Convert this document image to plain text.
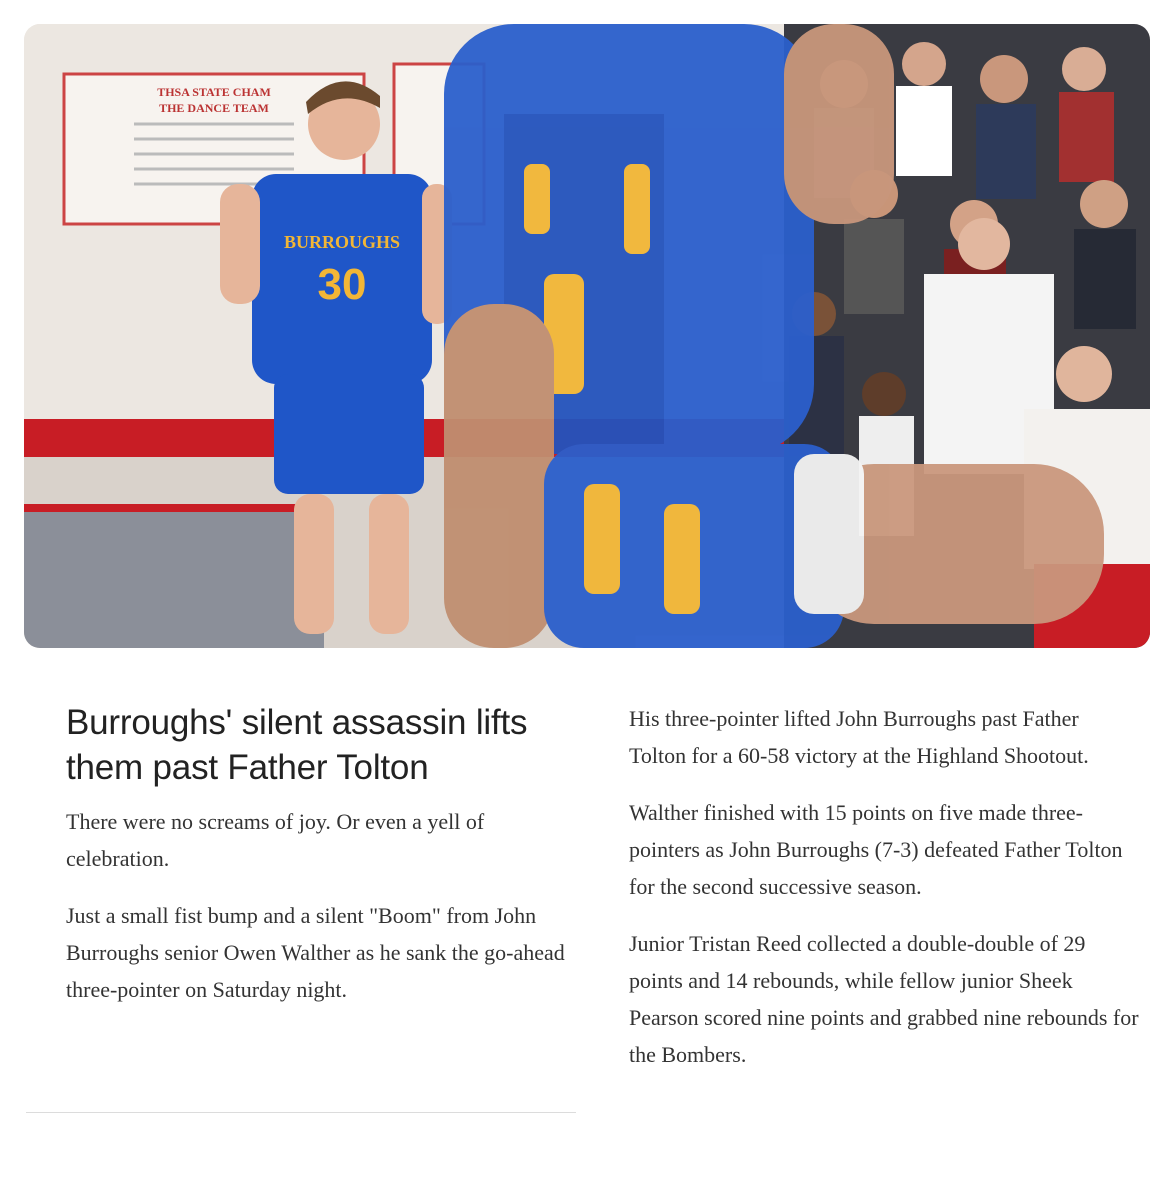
THSA STATE CHAM
THE DANCE TEAM
BURROUGHS
30
Burroughs' silent assassin lifts them past Father Tolton

There were no screams of joy. Or even a yell of celebration.

Just a small fist bump and a silent "Boom" from John Burroughs senior Owen Walther as he sank the go-ahead three-pointer on Saturday night.

His three-pointer lifted John Burroughs past Father Tolton for a 60-58 victory at the Highland Shootout.

Walther finished with 15 points on five made three-pointers as John Burroughs (7-3) defeated Father Tolton for the second successive season.

Junior Tristan Reed collected a double-double of 29 points and 14 rebounds, while fellow junior Sheek Pearson scored nine points and grabbed nine rebounds for the Bombers.
